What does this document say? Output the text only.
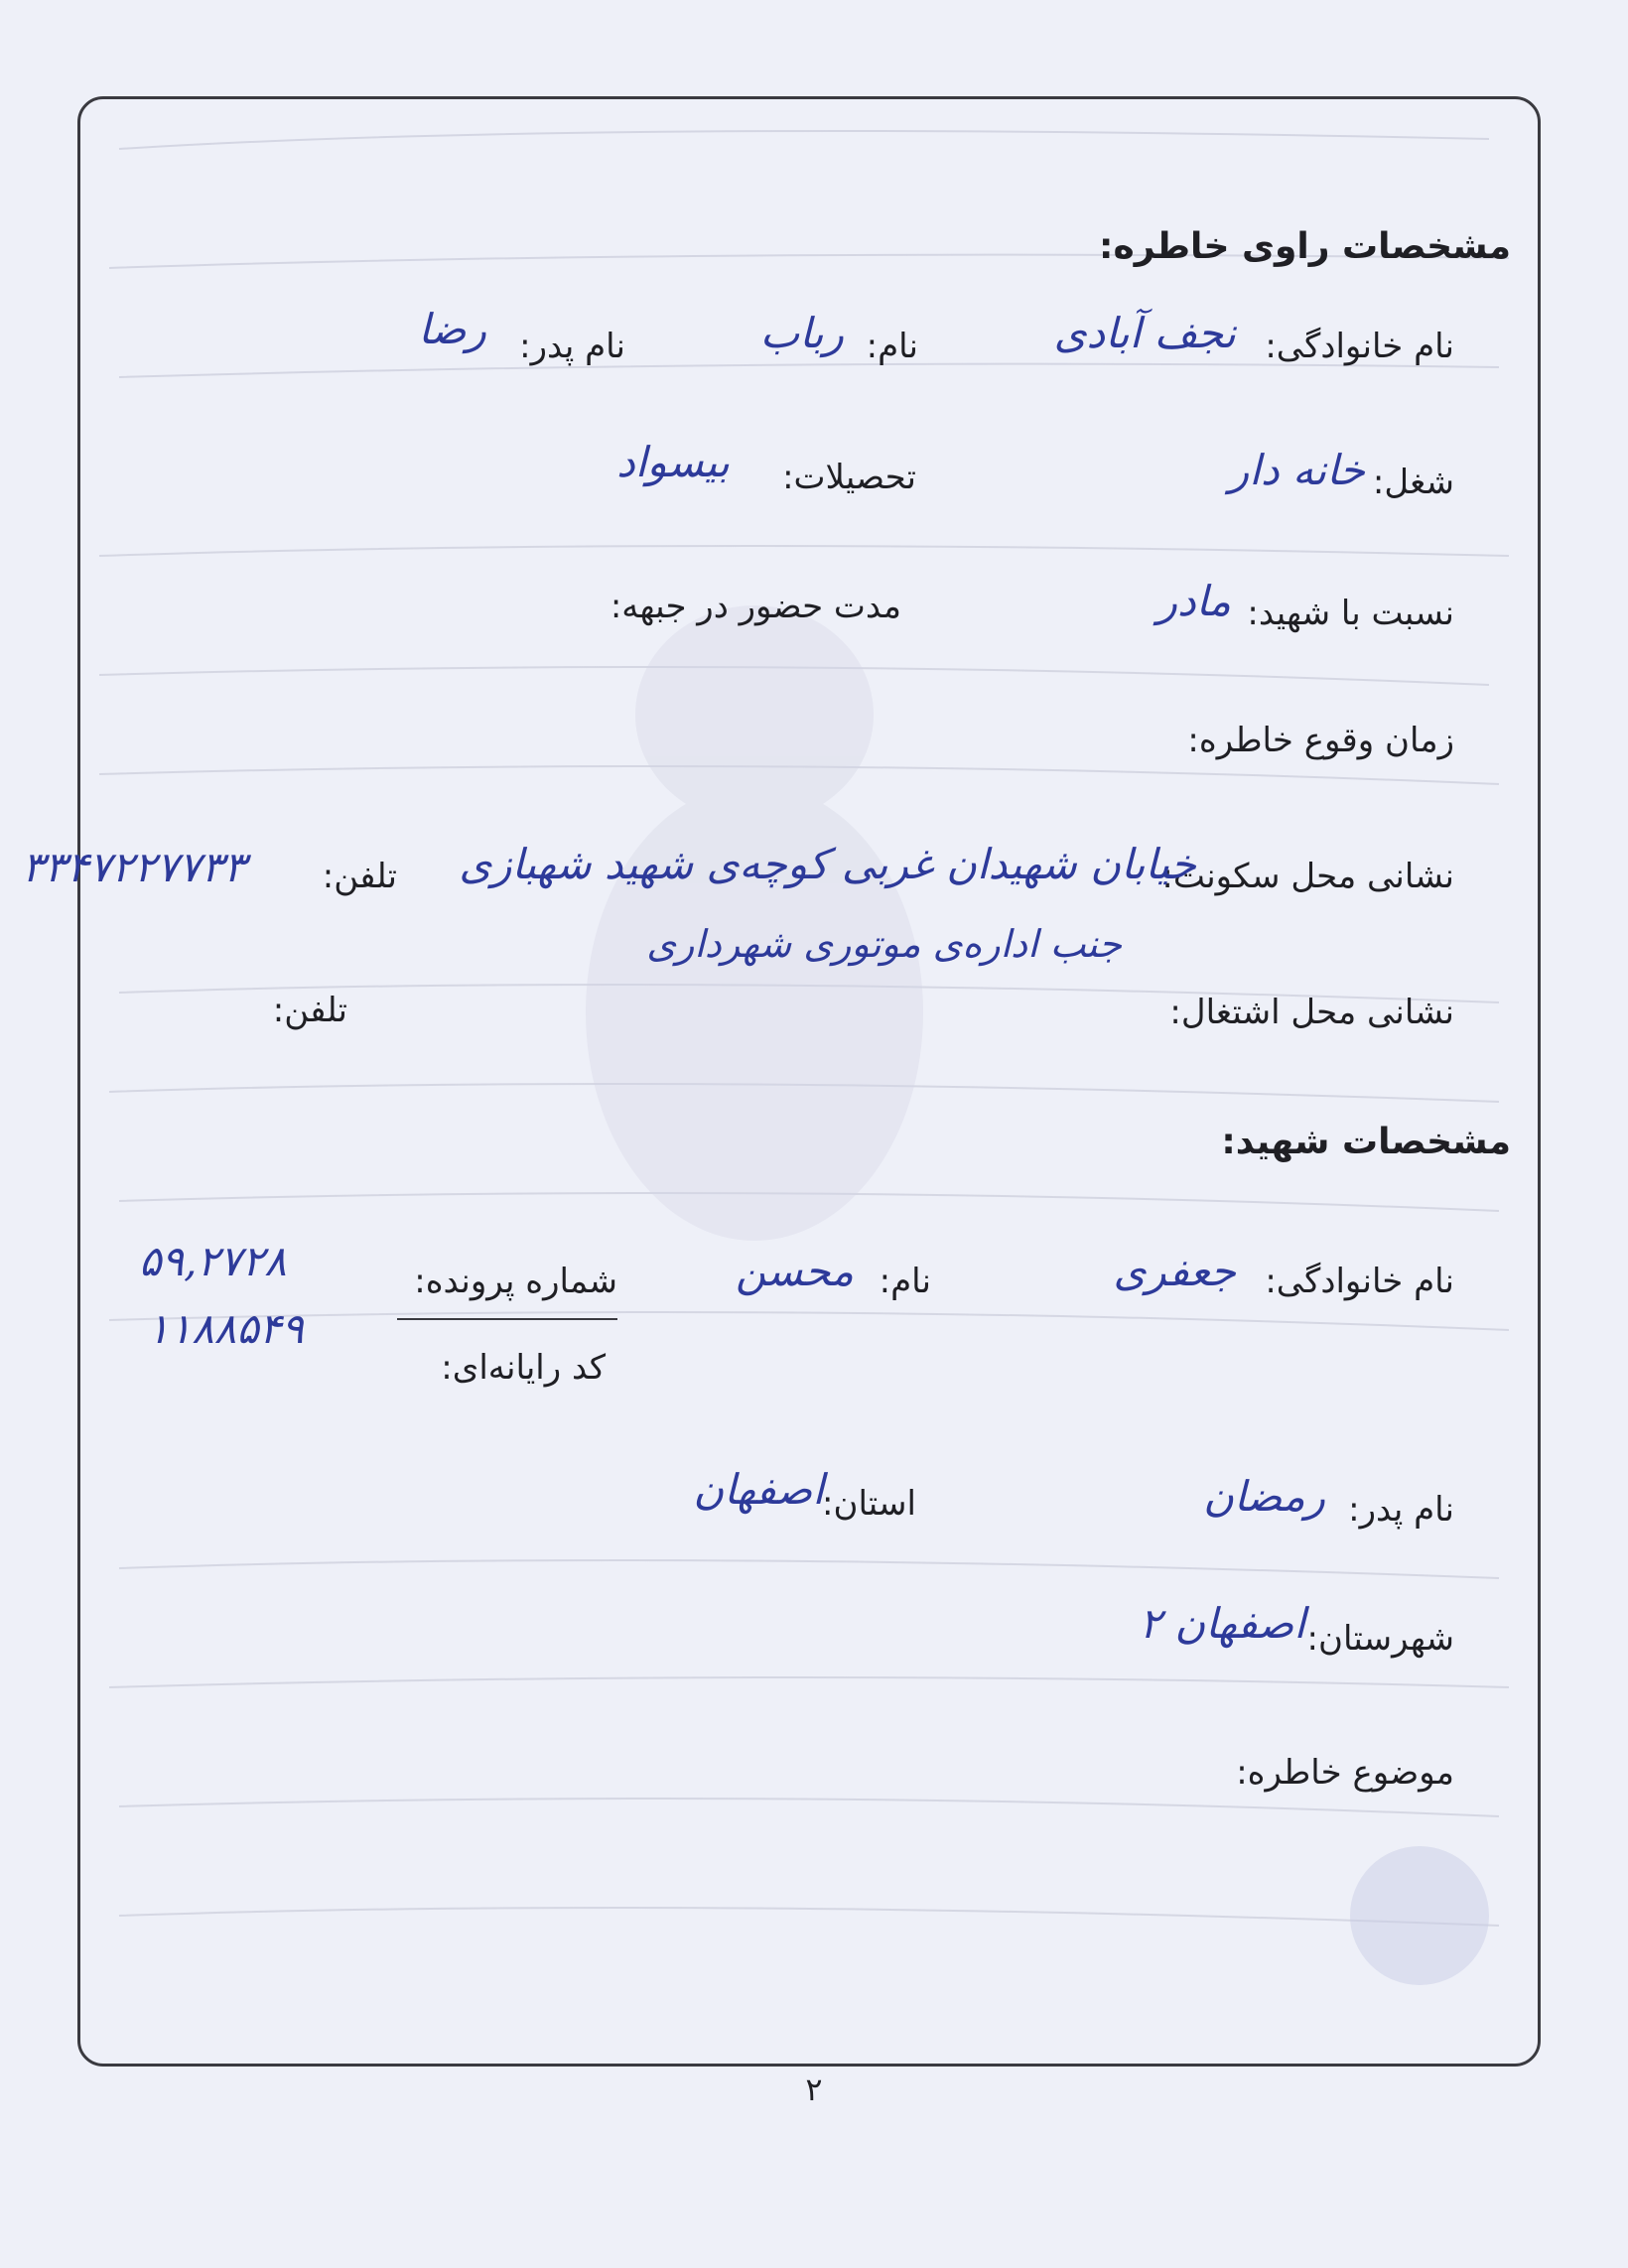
مشخصات راوی خاطره:
نام خانوادگی:
نجف آبادی
نام:
رباب
نام پدر:
رضا
شغل:
خانه دار
تحصیلات:
بیسواد
نسبت با شهید:
مادر
مدت حضور در جبهه:
زمان وقوع خاطره:
نشانی محل سکونت:
خیابان شهیدان غربی کوچه‌ی شهید شهبازی
جنب اداره‌ی موتوری شهرداری
تلفن:
۳۳۴۷۲۲۷۷۳۳
نشانی محل اشتغال:
تلفن:
مشخصات شهید:
نام خانوادگی:
جعفری
نام:
محسن
شماره پرونده:
۵۹,۲۷۲۸
۱۱۸۸۵۴۹
کد رایانه‌ای:
نام پدر:
رمضان
استان:
اصفهان
شهرستان:
اصفهان ۲
موضوع خاطره:
۲
